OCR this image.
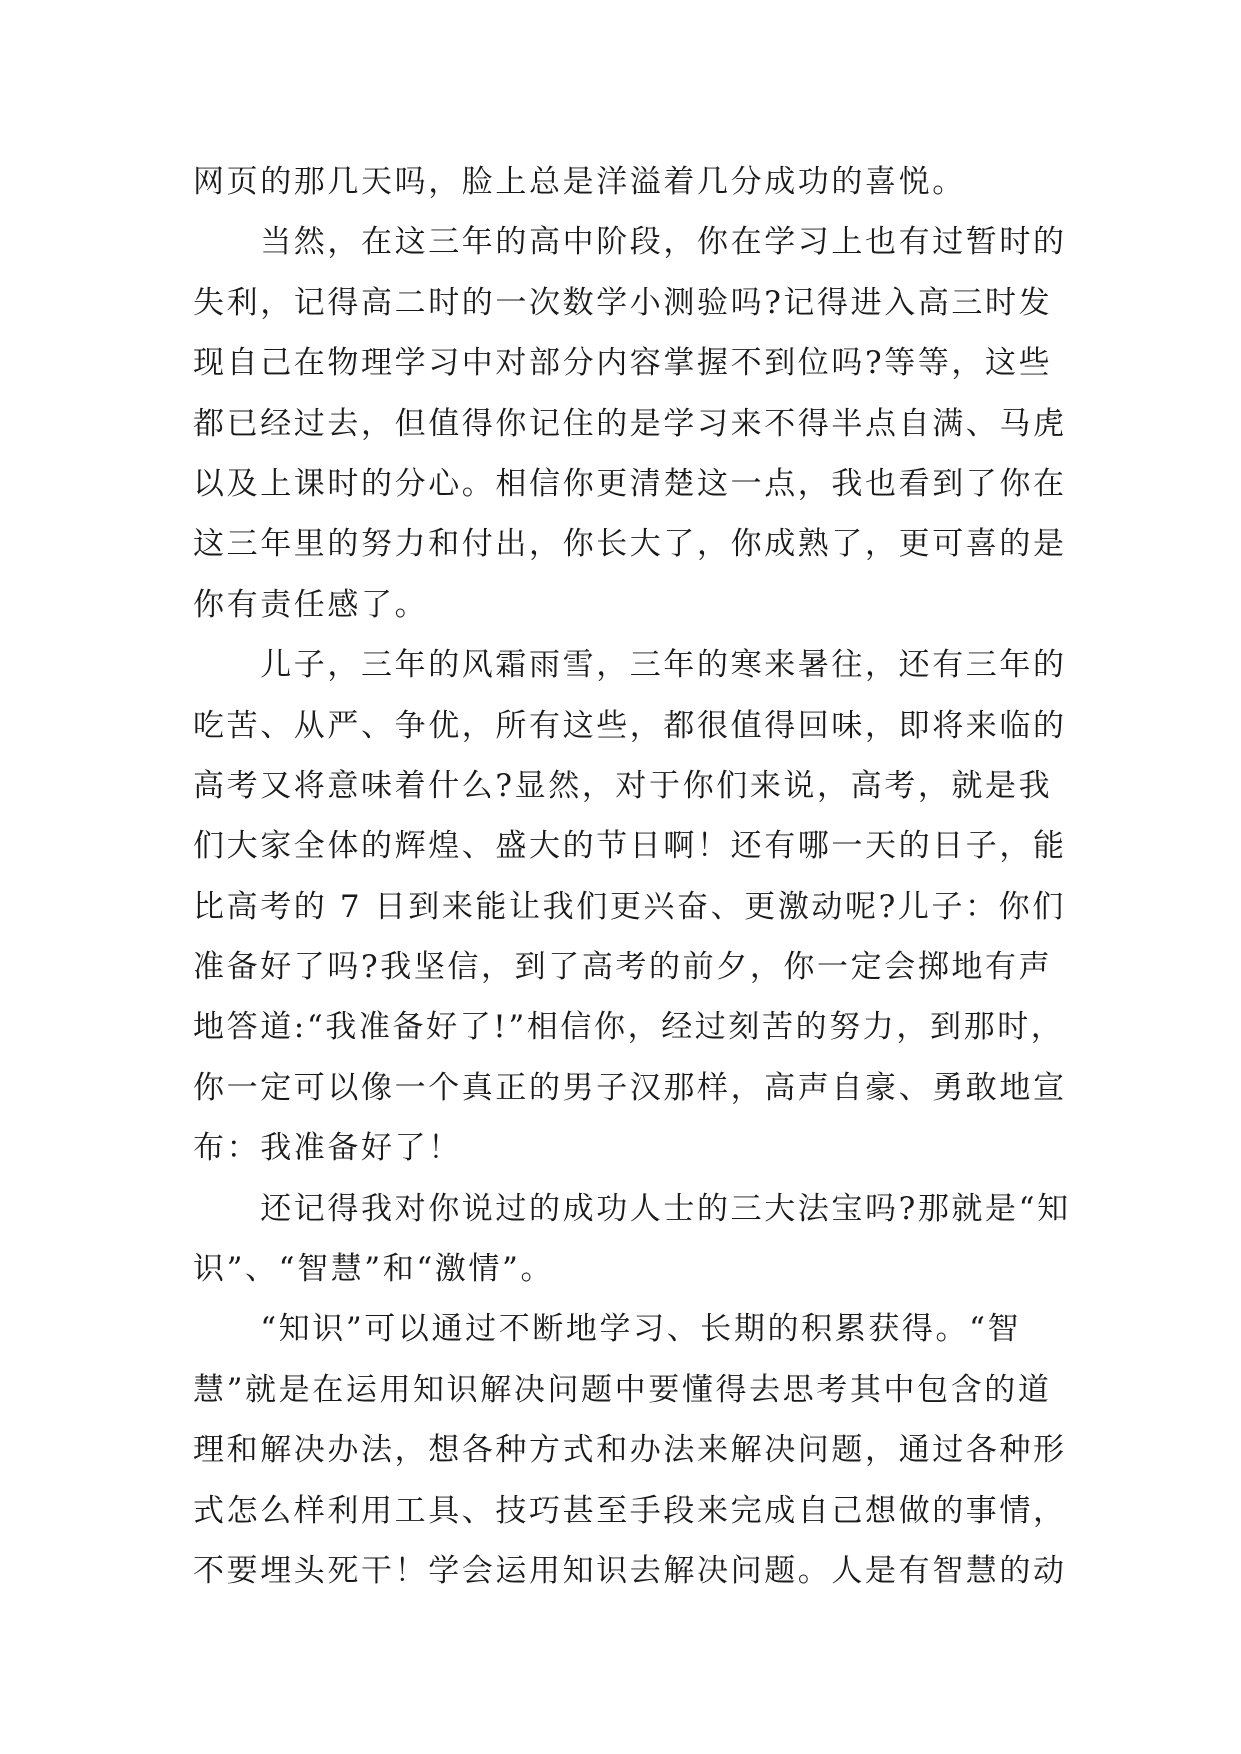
网页的那几天吗，脸上总是洋溢着几分成功的喜悦。
　　当然，在这三年的高中阶段，你在学习上也有过暂时的
失利，记得高二时的一次数学小测验吗?记得进入高三时发
现自己在物理学习中对部分内容掌握不到位吗?等等，这些
都已经过去，但值得你记住的是学习来不得半点自满、马虎
以及上课时的分心。相信你更清楚这一点，我也看到了你在
这三年里的努力和付出，你长大了，你成熟了，更可喜的是
你有责任感了。
　　儿子，三年的风霜雨雪，三年的寒来暑往，还有三年的
吃苦、从严、争优，所有这些，都很值得回味，即将来临的
高考又将意味着什么?显然，对于你们来说，高考，就是我
们大家全体的辉煌、盛大的节日啊！还有哪一天的日子，能
比高考的 7 日到来能让我们更兴奋、更激动呢?儿子：你们
准备好了吗?我坚信，到了高考的前夕，你一定会掷地有声
地答道:“我准备好了!”相信你，经过刻苦的努力，到那时，
你一定可以像一个真正的男子汉那样，高声自豪、勇敢地宣
布：我准备好了！
　　还记得我对你说过的成功人士的三大法宝吗?那就是“知
识”、“智慧”和“激情”。
　　“知识”可以通过不断地学习、长期的积累获得。“智
慧”就是在运用知识解决问题中要懂得去思考其中包含的道
理和解决办法，想各种方式和办法来解决问题，通过各种形
式怎么样利用工具、技巧甚至手段来完成自己想做的事情，
不要埋头死干！学会运用知识去解决问题。人是有智慧的动
